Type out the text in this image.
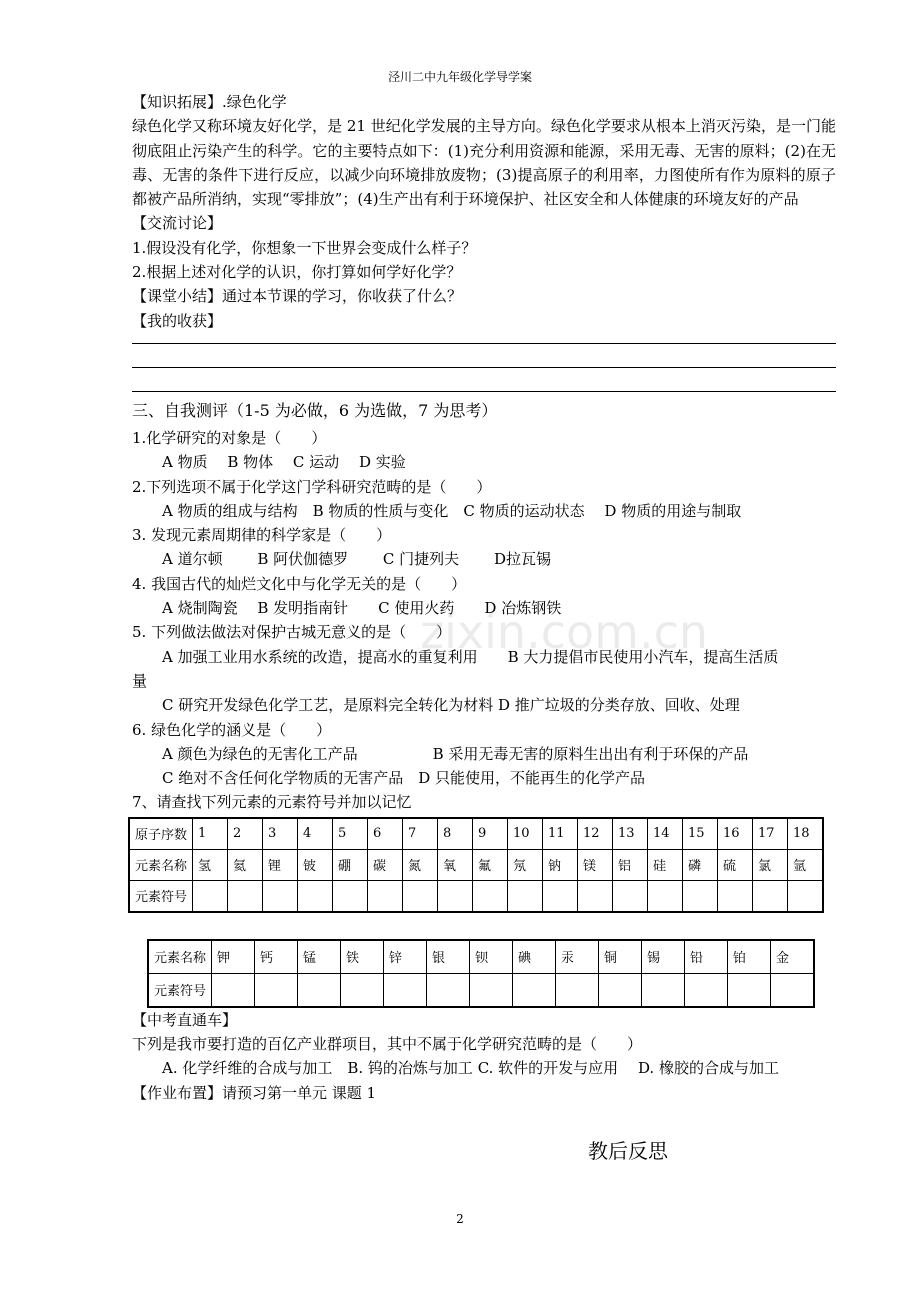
泾川二中九年级化学导学案
zixin.com.cn
【知识拓展】.绿色化学
绿色化学又称环境友好化学，是 21 世纪化学发展的主导方向。绿色化学要求从根本上消灭污染，是一门能彻底阻止污染产生的科学。它的主要特点如下：(1)充分利用资源和能源，采用无毒、无害的原料；(2)在无毒、无害的条件下进行反应，以减少向环境排放废物；(3)提高原子的利用率，力图使所有作为原料的原子都被产品所消纳，实现“零排放”；(4)生产出有利于环境保护、社区安全和人体健康的环境友好的产品
【交流讨论】
1.假设没有化学，你想象一下世界会变成什么样子？
2.根据上述对化学的认识，你打算如何学好化学？
【课堂小结】通过本节课的学习，你收获了什么？
【我的收获】
三、自我测评（1-5 为必做，6 为选做，7 为思考）
1.化学研究的对象是（　　）
A 物质　 B 物体　 C 运动　 D 实验
2.下列选项不属于化学这门学科研究范畴的是（　　）
A 物质的组成与结构　B 物质的性质与变化　C 物质的运动状态　 D 物质的用途与制取
3. 发现元素周期律的科学家是（　　）
A 道尔顿　　 B 阿伏伽德罗　　 C 门捷列夫　　 D拉瓦锡
4. 我国古代的灿烂文化中与化学无关的是（　　）
A 烧制陶瓷　 B 发明指南针　　C 使用火药　　D 冶炼钢铁
5. 下列做法做法对保护古城无意义的是（　　）
A 加强工业用水系统的改造，提高水的重复利用　　B 大力提倡市民使用小汽车，提高生活质
量
C 研究开发绿色化学工艺，是原料完全转化为材料 D 推广垃圾的分类存放、回收、处理
6. 绿色化学的涵义是（　　）
A 颜色为绿色的无害化工产品　　　　　B 采用无毒无害的原料生出出有利于环保的产品
C 绝对不含任何化学物质的无害产品　D 只能使用，不能再生的化学产品
7、请查找下列元素的元素符号并加以记忆
原子序数	1	2	3	4	5	6	7	8	9	10	11	12	13	14	15	16	17	18
元素名称	氢	氦	锂	铍	硼	碳	氮	氧	氟	氖	钠	镁	铝	硅	磷	硫	氯	氩
元素符号																		
元素名称	钾	钙	锰	铁	锌	银	钡	碘	汞	铜	锡	铅	铂	金
元素符号														
【中考直通车】
下列是我市要打造的百亿产业群项目，其中不属于化学研究范畴的是（　　）
A. 化学纤维的合成与加工　B. 钨的冶炼与加工 C. 软件的开发与应用　 D. 橡胶的合成与加工
【作业布置】请预习第一单元 课题 1
教后反思
2
